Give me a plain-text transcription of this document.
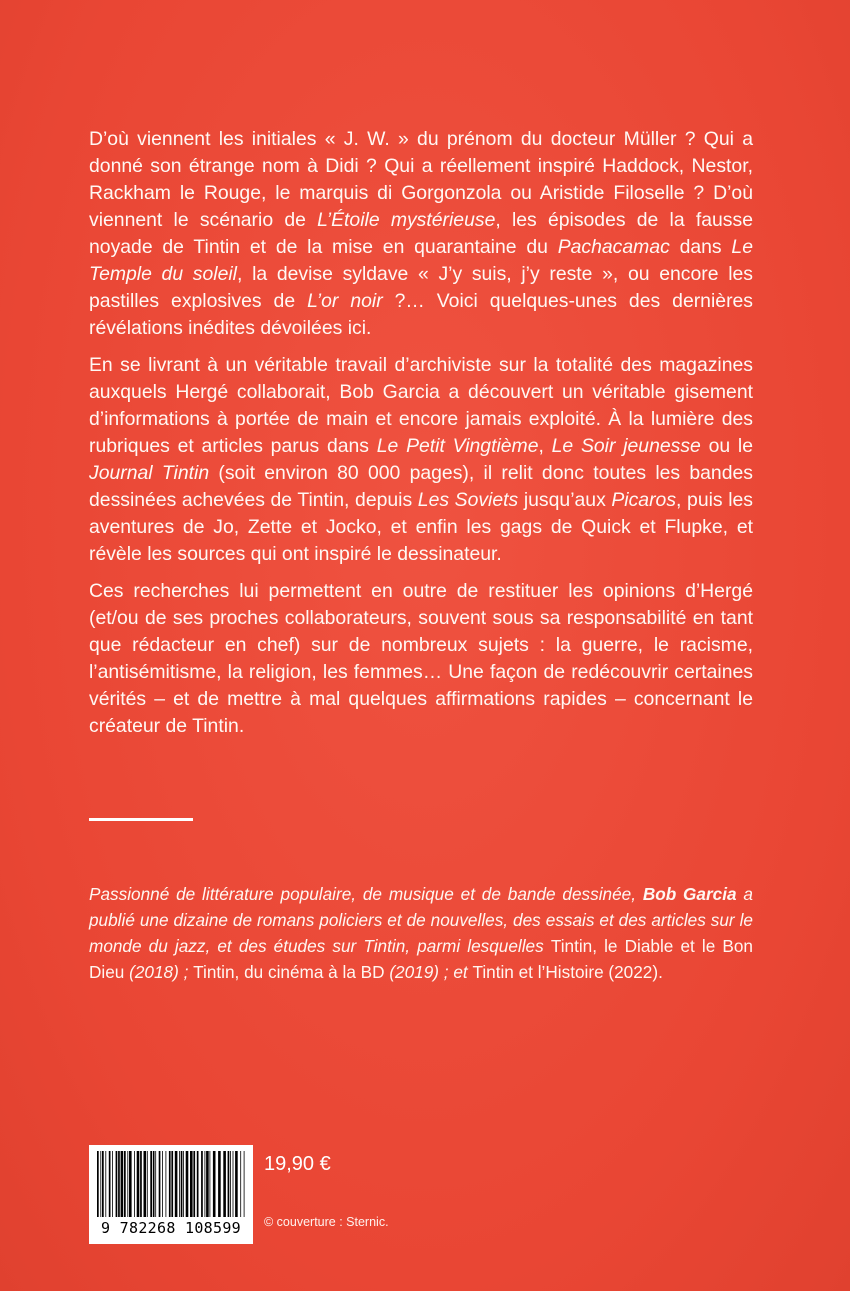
D’où viennent les initiales « J. W. » du prénom du docteur Müller ? Qui a donné son étrange nom à Didi ? Qui a réellement inspiré Haddock, Nestor, Rackham le Rouge, le marquis di Gorgonzola ou Aristide Filoselle ? D’où viennent le scénario de L’Étoile mystérieuse, les épisodes de la fausse noyade de Tintin et de la mise en quarantaine du Pachacamac dans Le Temple du soleil, la devise syldave « J’y suis, j’y reste », ou encore les pastilles explosives de L’or noir ?… Voici quelques-unes des dernières révélations inédites dévoilées ici.

En se livrant à un véritable travail d’archiviste sur la totalité des magazines auxquels Hergé collaborait, Bob Garcia a découvert un véritable gisement d’informations à portée de main et encore jamais exploité. À la lumière des rubriques et articles parus dans Le Petit Vingtième, Le Soir jeunesse ou le Journal Tintin (soit environ 80 000 pages), il relit donc toutes les bandes dessinées achevées de Tintin, depuis Les Soviets jusqu’aux Picaros, puis les aventures de Jo, Zette et Jocko, et enfin les gags de Quick et Flupke, et révèle les sources qui ont inspiré le dessinateur.

Ces recherches lui permettent en outre de restituer les opinions d’Hergé (et/ou de ses proches collaborateurs, souvent sous sa responsabilité en tant que rédacteur en chef) sur de nombreux sujets : la guerre, le racisme, l’antisémitisme, la religion, les femmes… Une façon de redécouvrir certaines vérités – et de mettre à mal quelques affirmations rapides – concernant le créateur de Tintin.

Passionné de littérature populaire, de musique et de bande dessinée, Bob Garcia a publié une dizaine de romans policiers et de nouvelles, des essais et des articles sur le monde du jazz, et des études sur Tintin, parmi lesquelles Tintin, le Diable et le Bon Dieu (2018) ; Tintin, du cinéma à la BD (2019) ; et Tintin et l’Histoire (2022).
9 782268 108599
19,90 €
© couverture : Sternic.
